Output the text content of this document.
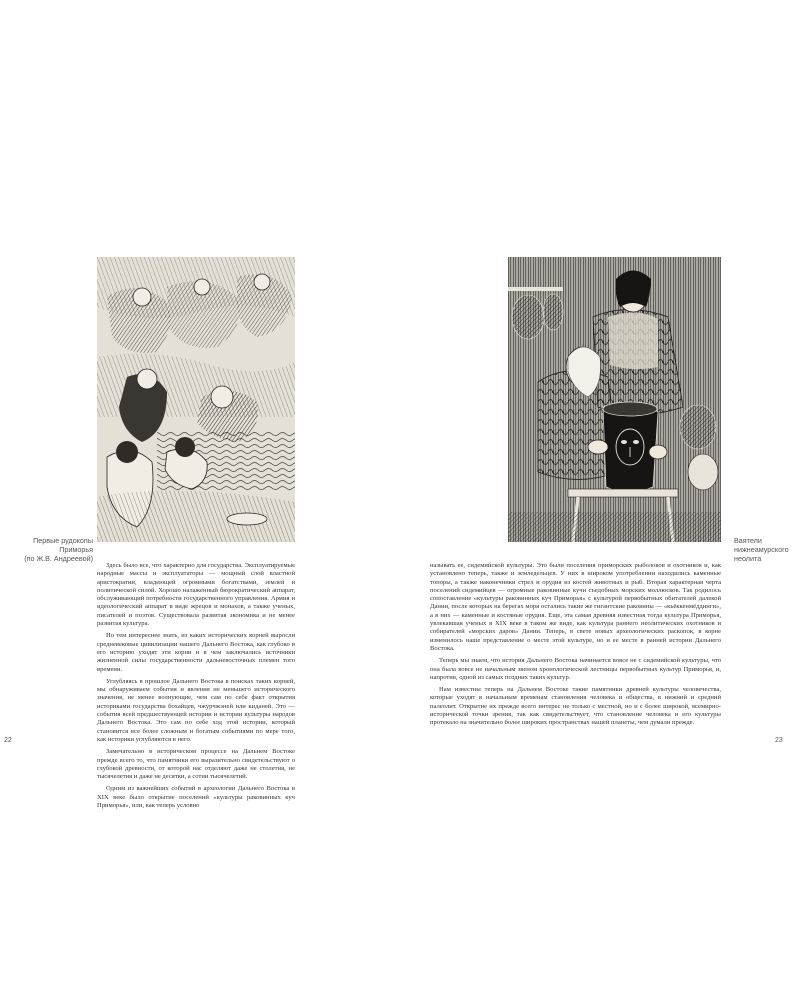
Первые рудокопы
Приморья
(по Ж.В. Андреевой)

Здесь было все, что характерно для государства. Эксплуатируемые народные массы и эксплуататоры — мощный слой властной аристократии, владеющей огромными богатствами, землей и политической силой. Хорошо налаженный бюрократический аппарат, обслуживающий потребности государственного управления. Армия и идеологический аппарат в виде жрецов и монахов, а также ученых, писателей и поэтов. Существовала развитая экономика и не менее развитая культура.

Но тем интереснее знать, из каких исторических корней выросли средневековые цивилизации нашего Дальнего Востока, как глубоко в его историю уходят эти корни и в чем заключались источники жизненной силы государственности дальневосточных племен того времени.

Углубляясь в прошлое Дальнего Востока в поисках таких корней, мы обнаруживаем события и явления не меньшего исторического значения, не менее волнующие, чем сам по себе факт открытия историками государства бохайцев, чжурчжэней или киданей. Это — события всей предшествующей истории и истории культуры народов Дальнего Востока. Это сам по себе ход этой истории, который становится все более сложным и богатым событиями по мере того, как историки углубляются в него.

Замечательно в историческом процессе на Дальнем Востоке прежде всего то, что памятники его выразительно свидетельствуют о глубокой древности, от которой нас отделяют даже не столетия, не тысячелетия и даже не десятки, а сотни тысячелетий.

Одним из важнейших событий в археологии Дальнего Востока в XIX веке было открытие поселений «культуры раковинных куч Приморья», или, как теперь условно

22
Ваятели
нижнеамурского
неолита

называть ее, сидемийской культуры. Это были поселения приморских рыболовов и охотников и, как установлено теперь, также и земледельцев. У них в широком употреблении находились каменные топоры, а также наконечники стрел и орудия из костей животных и рыб. Вторая характерная черта поселений сидемийцев — огромные раковинные кучи съедобных морских моллюсков. Так родилось сопоставление «культуры раковинных куч Приморья» с культурой первобытных обитателей далекой Дании, после которых на берегах моря остались такие же гигантские раковины — «кьёккенмёддинги», а в них — каменные и костяные орудия. Еще, эта самая древняя известная тогда культура Приморья, увлекавшая ученых в XIX веке в таком же виде, как культура раннего неолитических охотников и собирателей «морских даров» Дании. Теперь, в свете новых археологических раскопок, в корне изменилось наше представление о месте этой культуре, но и ее месте в ранней истории Дальнего Востока.

Теперь мы знаем, что история Дальнего Востока начинается вовсе не с сидемийской культуры, что она была вовсе не начальным звеном хронологической лестницы первобытных культур Приморья, и, напротив, одной из самых поздних таких культур.

Нам известны теперь на Дальнем Востоке такие памятники древней культуры человечества, которые уходят в начальным временам становления человека и общества, в нижний и средний палеолит. Открытие их прежде всего интерес не только с местной, но и с более широкой, всемирно-исторической точки зрения, так как свидетельствует, что становление человека и его культуры протекало на значительно более широких пространствах нашей планеты, чем думали прежде.

23
